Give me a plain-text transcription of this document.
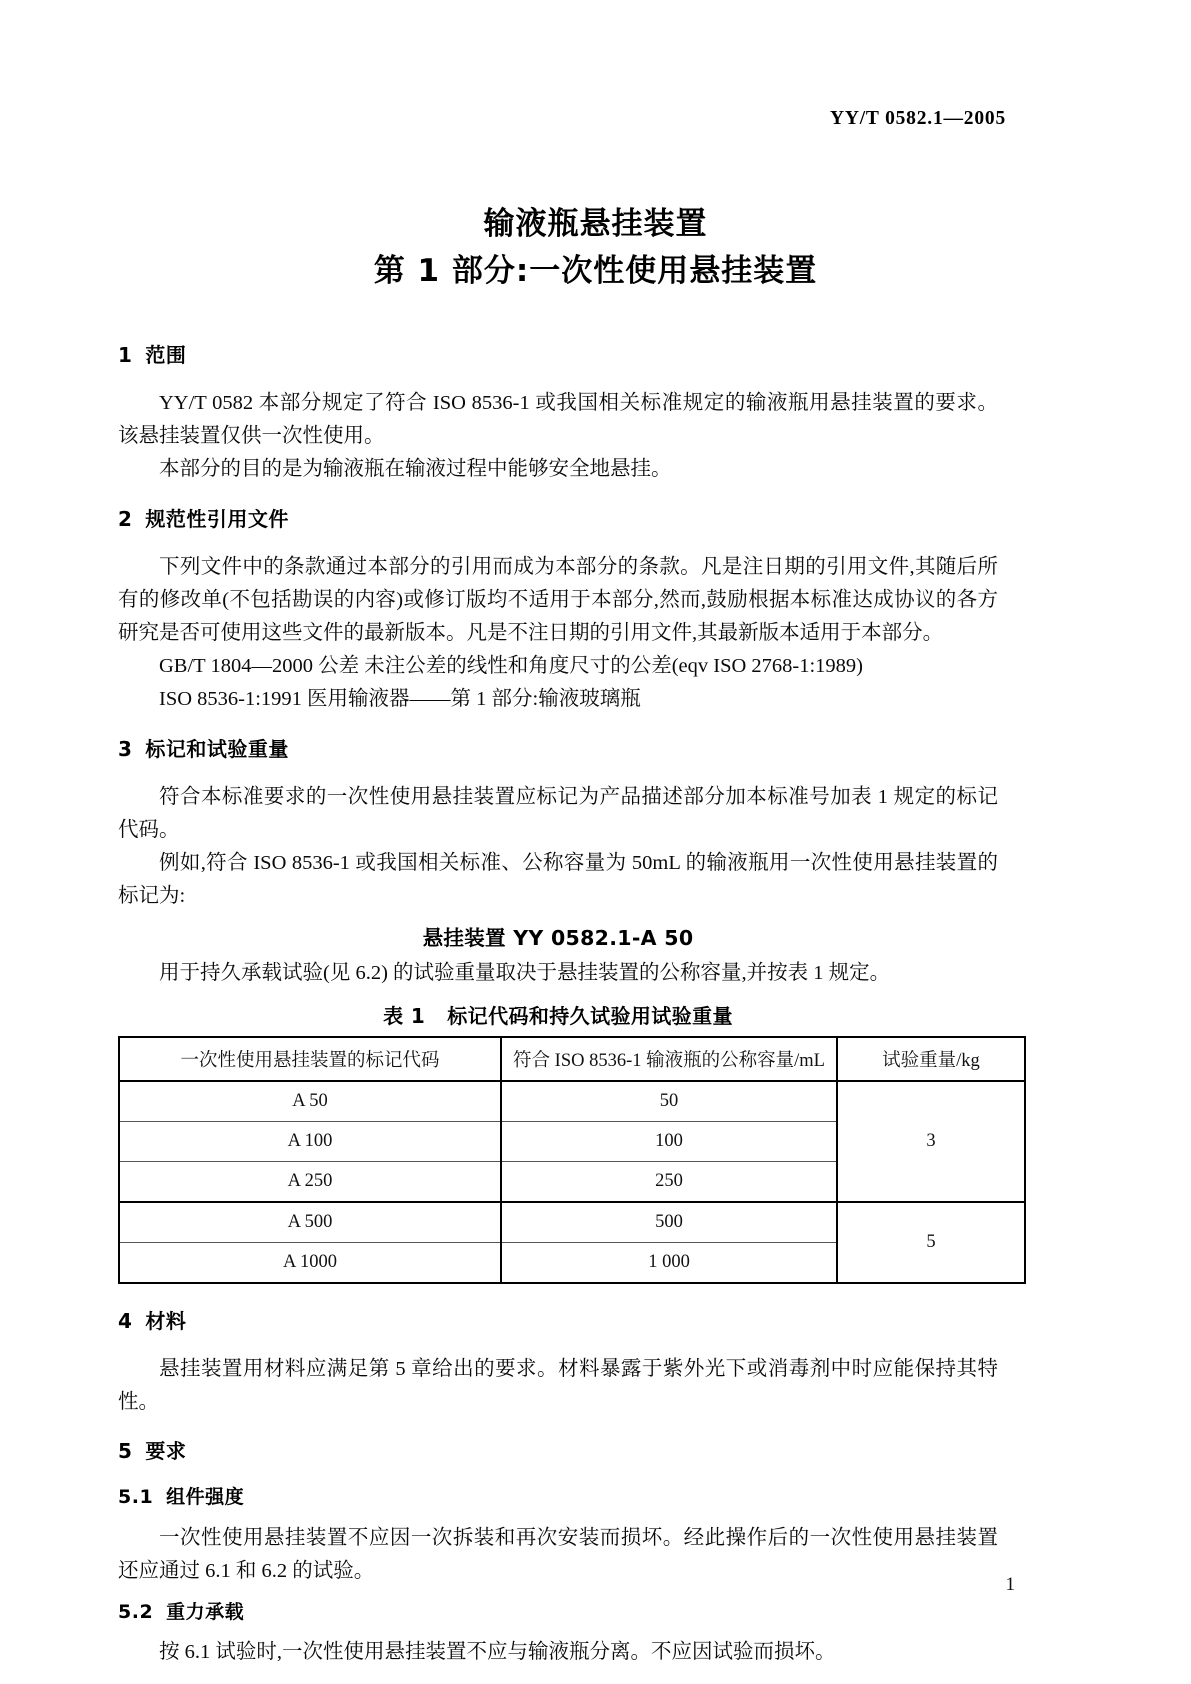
YY/T 0582.1—2005
输液瓶悬挂装置
第 1 部分:一次性使用悬挂装置
1 范围

YY/T 0582 本部分规定了符合 ISO 8536-1 或我国相关标准规定的输液瓶用悬挂装置的要求。该悬挂装置仅供一次性使用。

本部分的目的是为输液瓶在输液过程中能够安全地悬挂。

2 规范性引用文件

下列文件中的条款通过本部分的引用而成为本部分的条款。凡是注日期的引用文件,其随后所有的修改单(不包括勘误的内容)或修订版均不适用于本部分,然而,鼓励根据本标准达成协议的各方研究是否可使用这些文件的最新版本。凡是不注日期的引用文件,其最新版本适用于本部分。

GB/T 1804—2000 公差 未注公差的线性和角度尺寸的公差(eqv ISO 2768-1:1989)

ISO 8536-1:1991 医用输液器——第 1 部分:输液玻璃瓶

3 标记和试验重量

符合本标准要求的一次性使用悬挂装置应标记为产品描述部分加本标准号加表 1 规定的标记代码。

例如,符合 ISO 8536-1 或我国相关标准、公称容量为 50mL 的输液瓶用一次性使用悬挂装置的标记为:

悬挂装置 YY 0582.1-A 50

用于持久承载试验(见 6.2) 的试验重量取决于悬挂装置的公称容量,并按表 1 规定。

表 1 标记代码和持久试验用试验重量

一次性使用悬挂装置的标记代码	符合 ISO 8536-1 输液瓶的公称容量/mL	试验重量/kg
A 50	50	3
A 100	100	
A 250	250	
A 500	500	5
A 1000	1 000	
4 材料

悬挂装置用材料应满足第 5 章给出的要求。材料暴露于紫外光下或消毒剂中时应能保持其特性。

5 要求
5.1 组件强度

一次性使用悬挂装置不应因一次拆装和再次安装而损坏。经此操作后的一次性使用悬挂装置还应通过 6.1 和 6.2 的试验。

5.2 重力承载

按 6.1 试验时,一次性使用悬挂装置不应与输液瓶分离。不应因试验而损坏。

1
